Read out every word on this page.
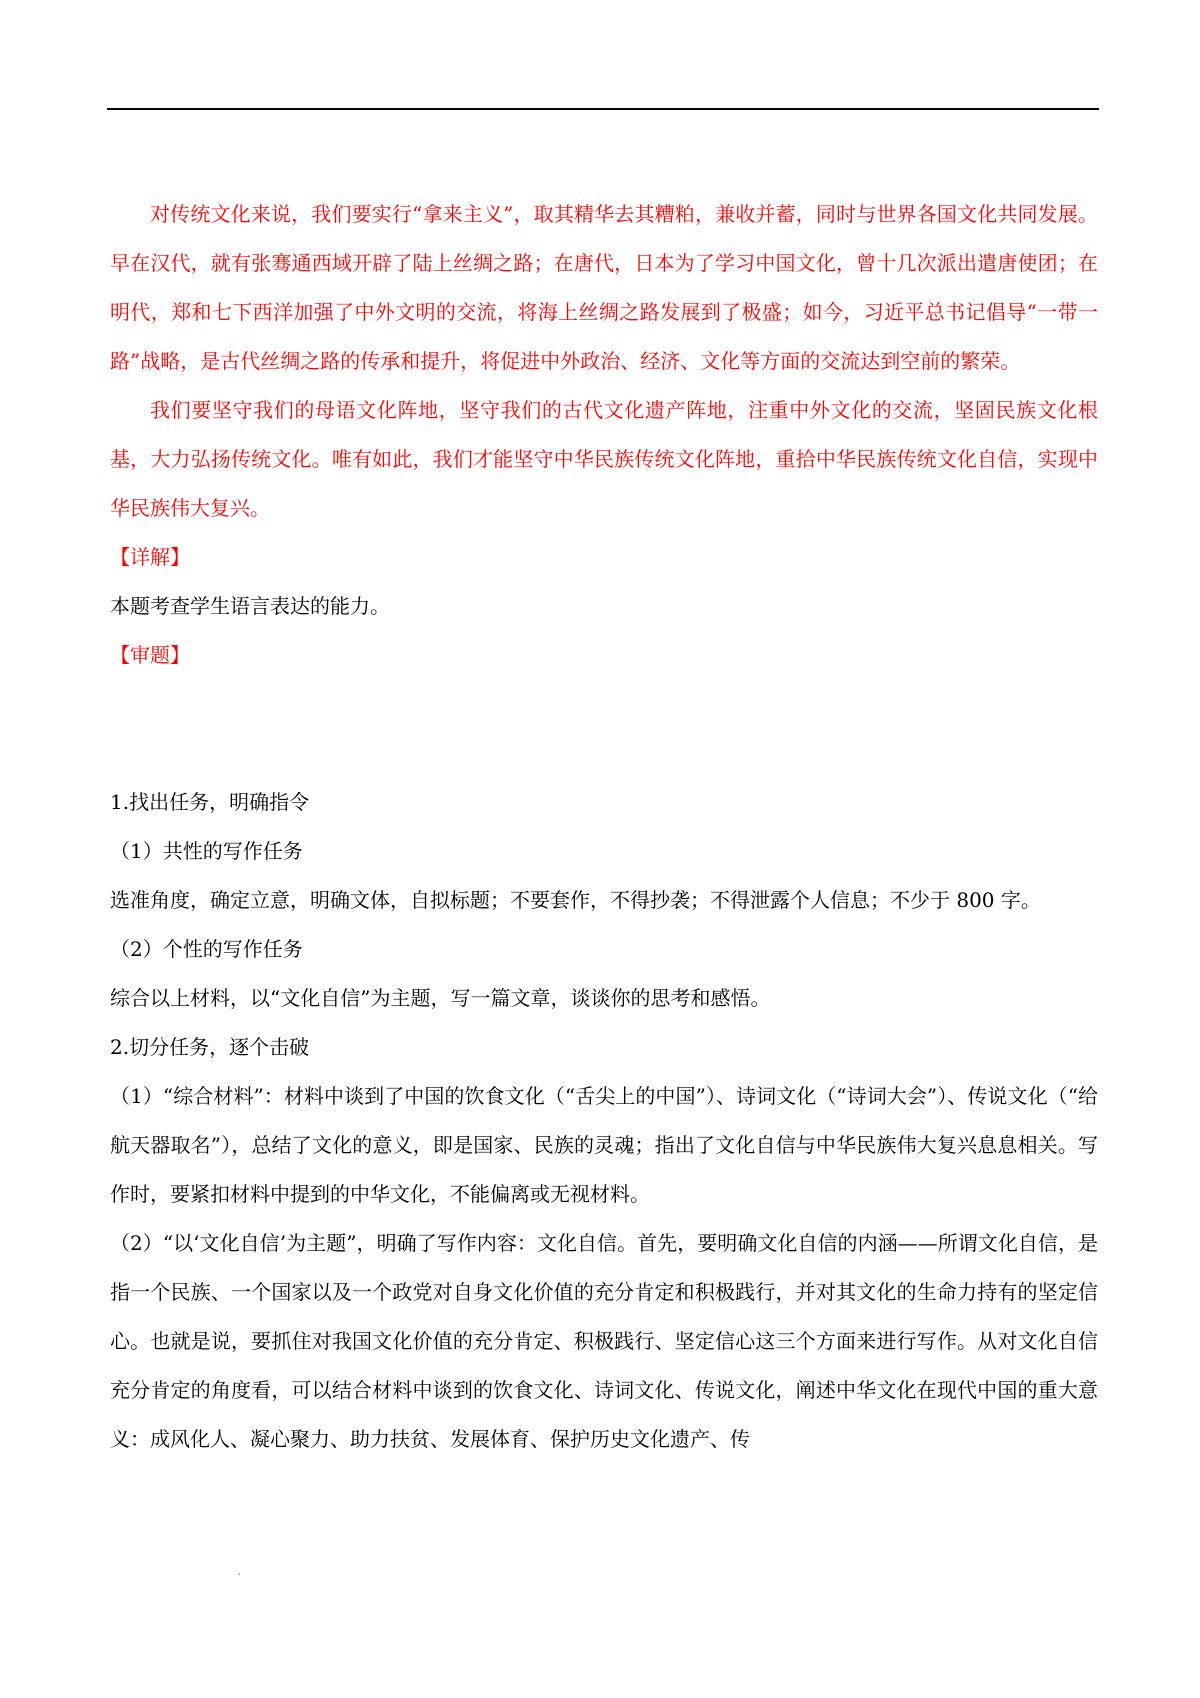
对传统文化来说，我们要实行“拿来主义”，取其精华去其糟粕，兼收并蓄，同时与世界各国文化共同发展。早在汉代，就有张骞通西域开辟了陆上丝绸之路；在唐代，日本为了学习中国文化，曾十几次派出遣唐使团；在明代，郑和七下西洋加强了中外文明的交流，将海上丝绸之路发展到了极盛；如今，习近平总书记倡导“一带一路”战略，是古代丝绸之路的传承和提升，将促进中外政治、经济、文化等方面的交流达到空前的繁荣。

我们要坚守我们的母语文化阵地，坚守我们的古代文化遗产阵地，注重中外文化的交流，坚固民族文化根基，大力弘扬传统文化。唯有如此，我们才能坚守中华民族传统文化阵地，重拾中华民族传统文化自信，实现中华民族伟大复兴。

【详解】

本题考查学生语言表达的能力。

【审题】

1.找出任务，明确指令

（1）共性的写作任务

选准角度，确定立意，明确文体，自拟标题；不要套作，不得抄袭；不得泄露个人信息；不少于 800 字。

（2）个性的写作任务

综合以上材料，以“文化自信”为主题，写一篇文章，谈谈你的思考和感悟。

2.切分任务，逐个击破

（1）“综合材料”：材料中谈到了中国的饮食文化（“舌尖上的中国”）、诗词文化（“诗词大会”）、传说文化（“给航天器取名”），总结了文化的意义，即是国家、民族的灵魂；指出了文化自信与中华民族伟大复兴息息相关。写作时，要紧扣材料中提到的中华文化，不能偏离或无视材料。

（2）“以‘文化自信’为主题”，明确了写作内容：文化自信。首先，要明确文化自信的内涵——所谓文化自信，是指一个民族、一个国家以及一个政党对自身文化价值的充分肯定和积极践行，并对其文化的生命力持有的坚定信心。也就是说，要抓住对我国文化价值的充分肯定、积极践行、坚定信心这三个方面来进行写作。从对文化自信充分肯定的角度看，可以结合材料中谈到的饮食文化、诗词文化、传说文化，阐述中华文化在现代中国的重大意义：成风化人、凝心聚力、助力扶贫、发展体育、保护历史文化遗产、传
